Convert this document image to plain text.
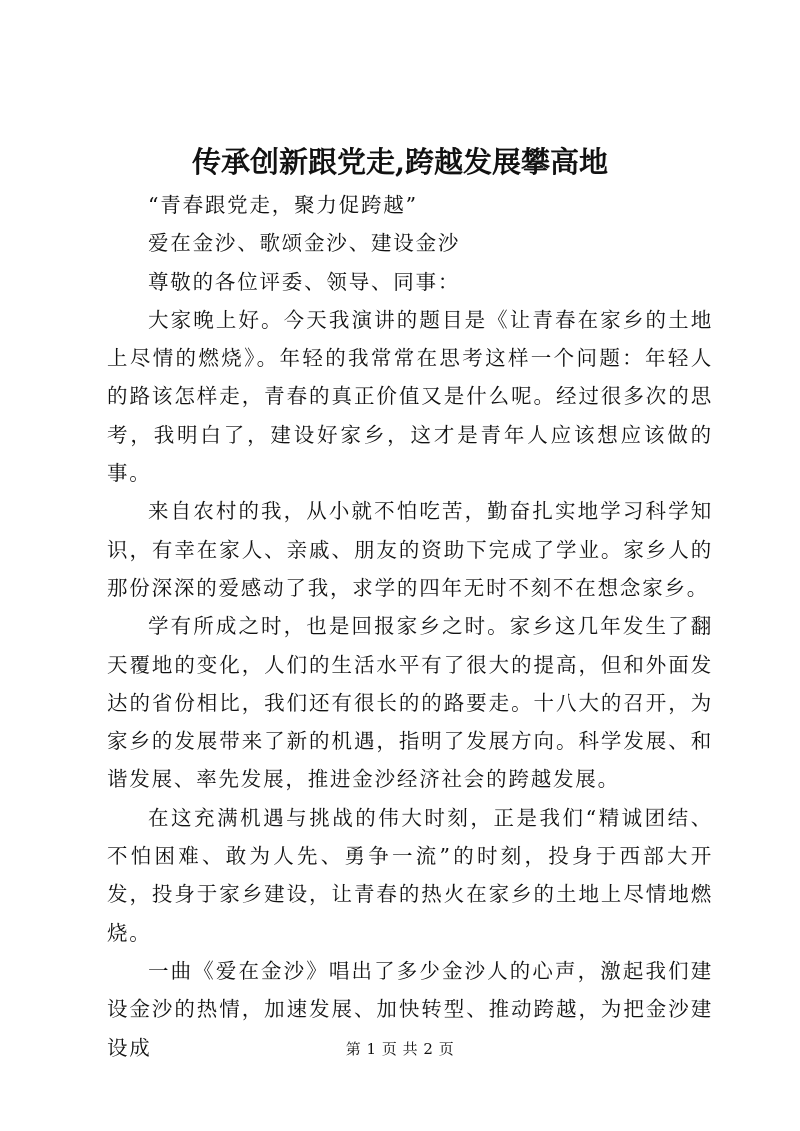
传承创新跟党走,跨越发展攀高地

“青春跟党走，聚力促跨越”

爱在金沙、歌颂金沙、建设金沙

尊敬的各位评委、领导、同事：

大家晚上好。今天我演讲的题目是《让青春在家乡的土地上尽情的燃烧》。年轻的我常常在思考这样一个问题：年轻人的路该怎样走，青春的真正价值又是什么呢。经过很多次的思考，我明白了，建设好家乡，这才是青年人应该想应该做的事。

来自农村的我，从小就不怕吃苦，勤奋扎实地学习科学知识，有幸在家人、亲戚、朋友的资助下完成了学业。家乡人的那份深深的爱感动了我，求学的四年无时不刻不在想念家乡。

学有所成之时，也是回报家乡之时。家乡这几年发生了翻天覆地的变化，人们的生活水平有了很大的提高，但和外面发达的省份相比，我们还有很长的的路要走。十八大的召开，为家乡的发展带来了新的机遇，指明了发展方向。科学发展、和谐发展、率先发展，推进金沙经济社会的跨越发展。

在这充满机遇与挑战的伟大时刻，正是我们“精诚团结、不怕困难、敢为人先、勇争一流”的时刻，投身于西部大开发，投身于家乡建设，让青春的热火在家乡的土地上尽情地燃烧。

一曲《爱在金沙》唱出了多少金沙人的心声，激起我们建设金沙的热情，加速发展、加快转型、推动跨越，为把金沙建设成	第 1 页 共 2 页
